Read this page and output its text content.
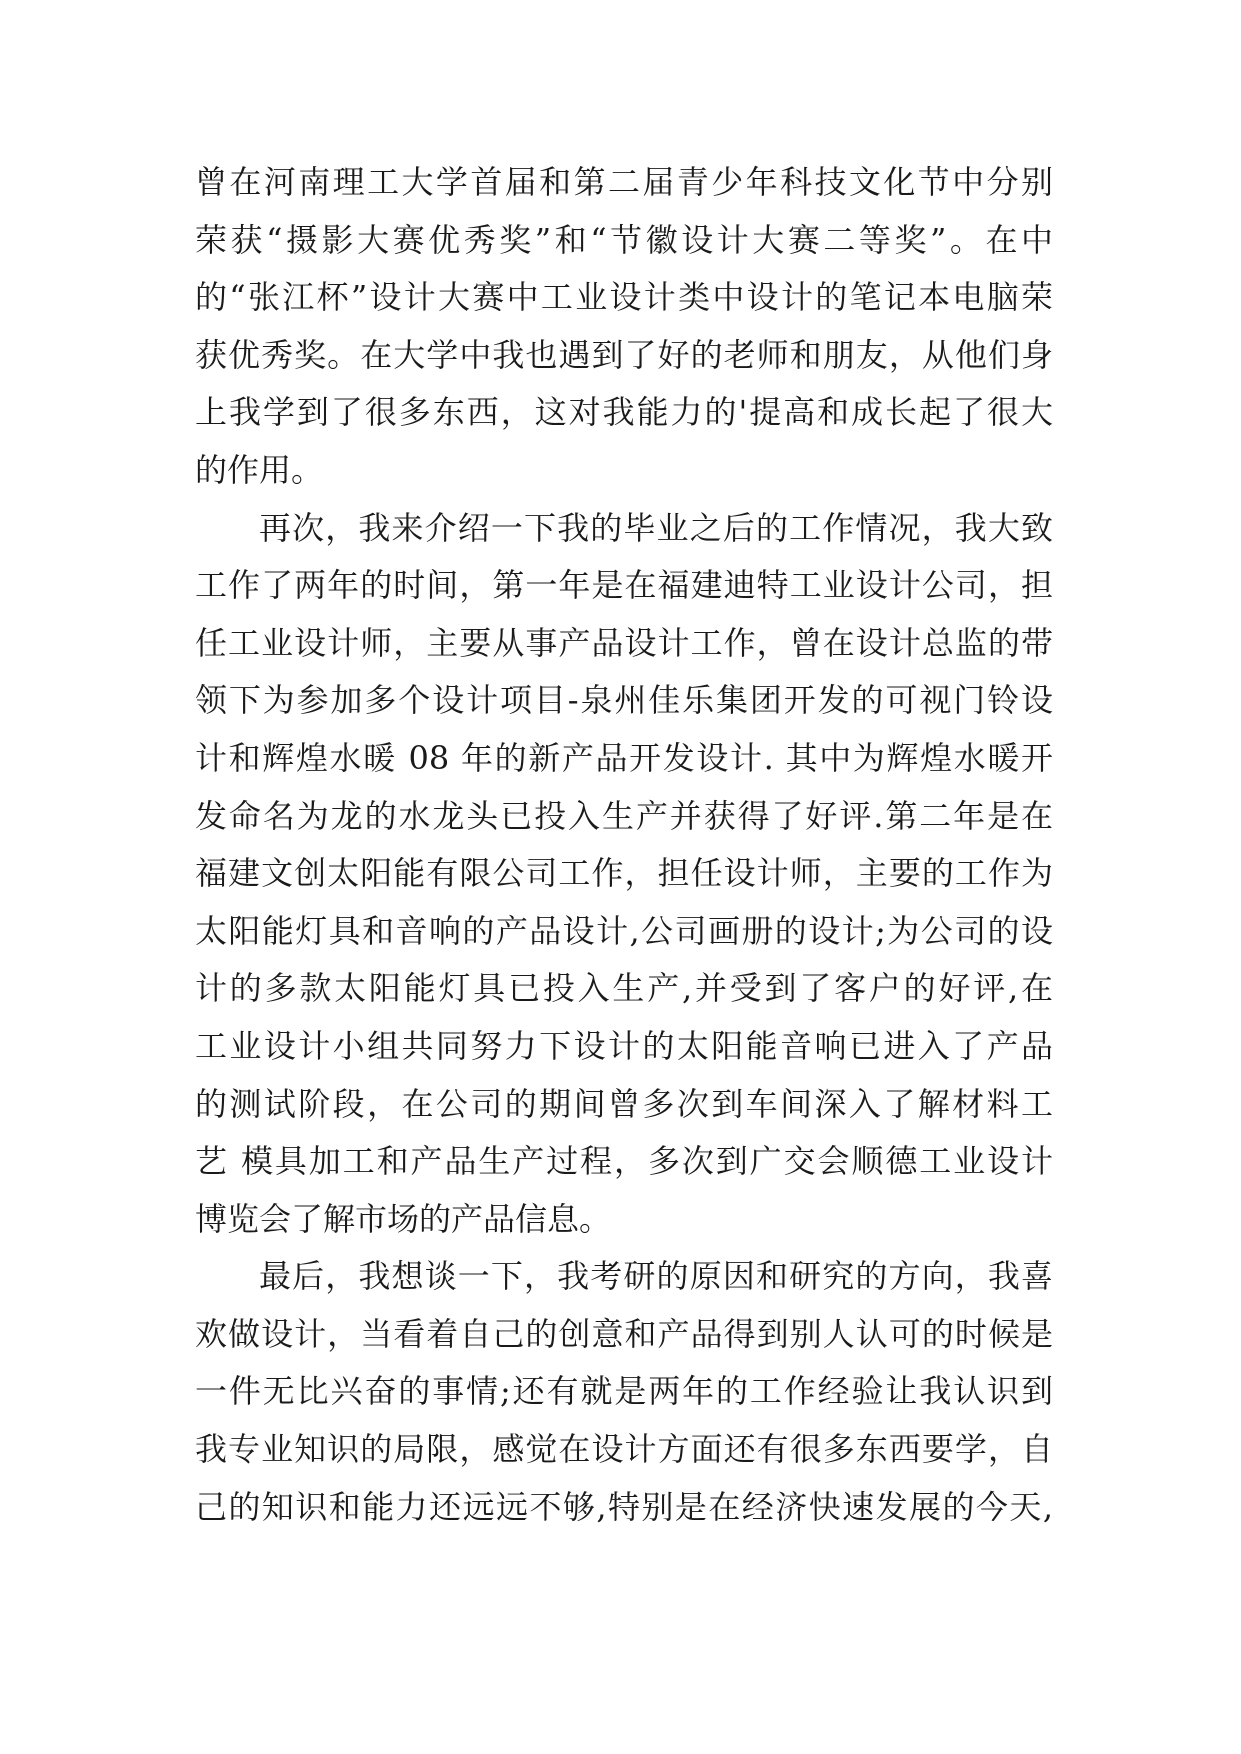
曾在河南理工大学首届和第二届青少年科技文化节中分别
荣获“摄影大赛优秀奖”和“节徽设计大赛二等奖”。在中
的“张江杯”设计大赛中工业设计类中设计的笔记本电脑荣
获优秀奖。在大学中我也遇到了好的老师和朋友，从他们身
上我学到了很多东西，这对我能力的'提高和成长起了很大
的作用。
再次，我来介绍一下我的毕业之后的工作情况，我大致
工作了两年的时间，第一年是在福建迪特工业设计公司，担
任工业设计师，主要从事产品设计工作，曾在设计总监的带
领下为参加多个设计项目-泉州佳乐集团开发的可视门铃设
计和辉煌水暖 08 年的新产品开发设计. 其中为辉煌水暖开
发命名为龙的水龙头已投入生产并获得了好评.第二年是在
福建文创太阳能有限公司工作，担任设计师，主要的工作为
太阳能灯具和音响的产品设计,公司画册的设计;为公司的设
计的多款太阳能灯具已投入生产,并受到了客户的好评,在
工业设计小组共同努力下设计的太阳能音响已进入了产品
的测试阶段，在公司的期间曾多次到车间深入了解材料工
艺 模具加工和产品生产过程，多次到广交会顺德工业设计
博览会了解市场的产品信息。
最后，我想谈一下，我考研的原因和研究的方向，我喜
欢做设计，当看着自己的创意和产品得到别人认可的时候是
一件无比兴奋的事情;还有就是两年的工作经验让我认识到
我专业知识的局限，感觉在设计方面还有很多东西要学，自
己的知识和能力还远远不够,特别是在经济快速发展的今天,
